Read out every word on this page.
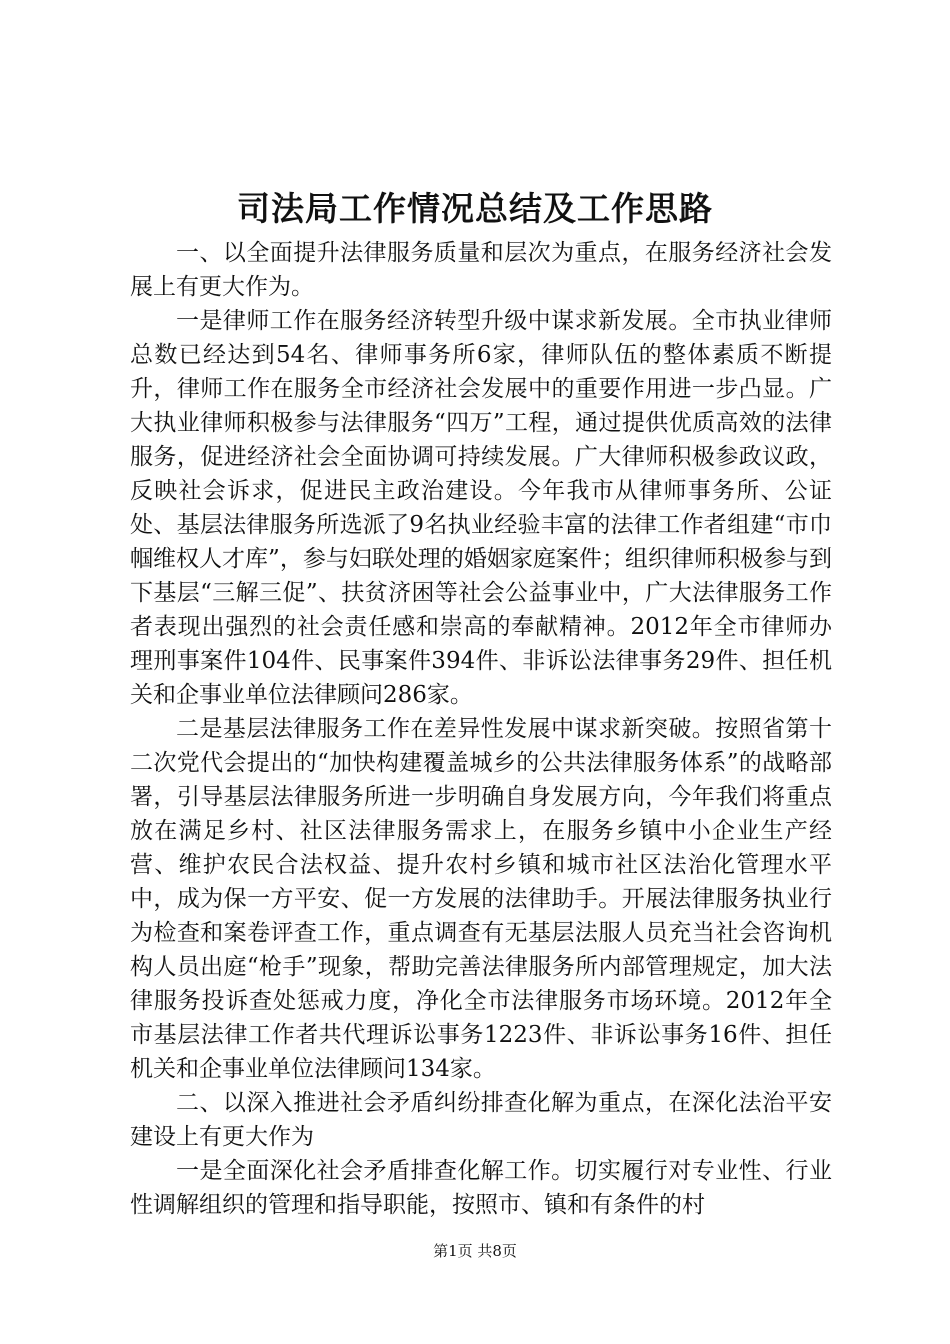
司法局工作情况总结及工作思路

一、以全面提升法律服务质量和层次为重点，在服务经济社会发展上有更大作为。

一是律师工作在服务经济转型升级中谋求新发展。全市执业律师总数已经达到54名、律师事务所6家，律师队伍的整体素质不断提升，律师工作在服务全市经济社会发展中的重要作用进一步凸显。广大执业律师积极参与法律服务“四万”工程，通过提供优质高效的法律服务，促进经济社会全面协调可持续发展。广大律师积极参政议政，反映社会诉求，促进民主政治建设。今年我市从律师事务所、公证处、基层法律服务所选派了9名执业经验丰富的法律工作者组建“市巾帼维权人才库”，参与妇联处理的婚姻家庭案件；组织律师积极参与到下基层“三解三促”、扶贫济困等社会公益事业中，广大法律服务工作者表现出强烈的社会责任感和崇高的奉献精神。2012年全市律师办理刑事案件104件、民事案件394件、非诉讼法律事务29件、担任机关和企事业单位法律顾问286家。

二是基层法律服务工作在差异性发展中谋求新突破。按照省第十二次党代会提出的“加快构建覆盖城乡的公共法律服务体系”的战略部署，引导基层法律服务所进一步明确自身发展方向，今年我们将重点放在满足乡村、社区法律服务需求上，在服务乡镇中小企业生产经营、维护农民合法权益、提升农村乡镇和城市社区法治化管理水平中，成为保一方平安、促一方发展的法律助手。开展法律服务执业行为检查和案卷评查工作，重点调查有无基层法服人员充当社会咨询机构人员出庭“枪手”现象，帮助完善法律服务所内部管理规定，加大法律服务投诉查处惩戒力度，净化全市法律服务市场环境。2012年全市基层法律工作者共代理诉讼事务1223件、非诉讼事务16件、担任机关和企事业单位法律顾问134家。

二、以深入推进社会矛盾纠纷排查化解为重点，在深化法治平安建设上有更大作为

一是全面深化社会矛盾排查化解工作。切实履行对专业性、行业性调解组织的管理和指导职能，按照市、镇和有条件的村

第1页 共8页
